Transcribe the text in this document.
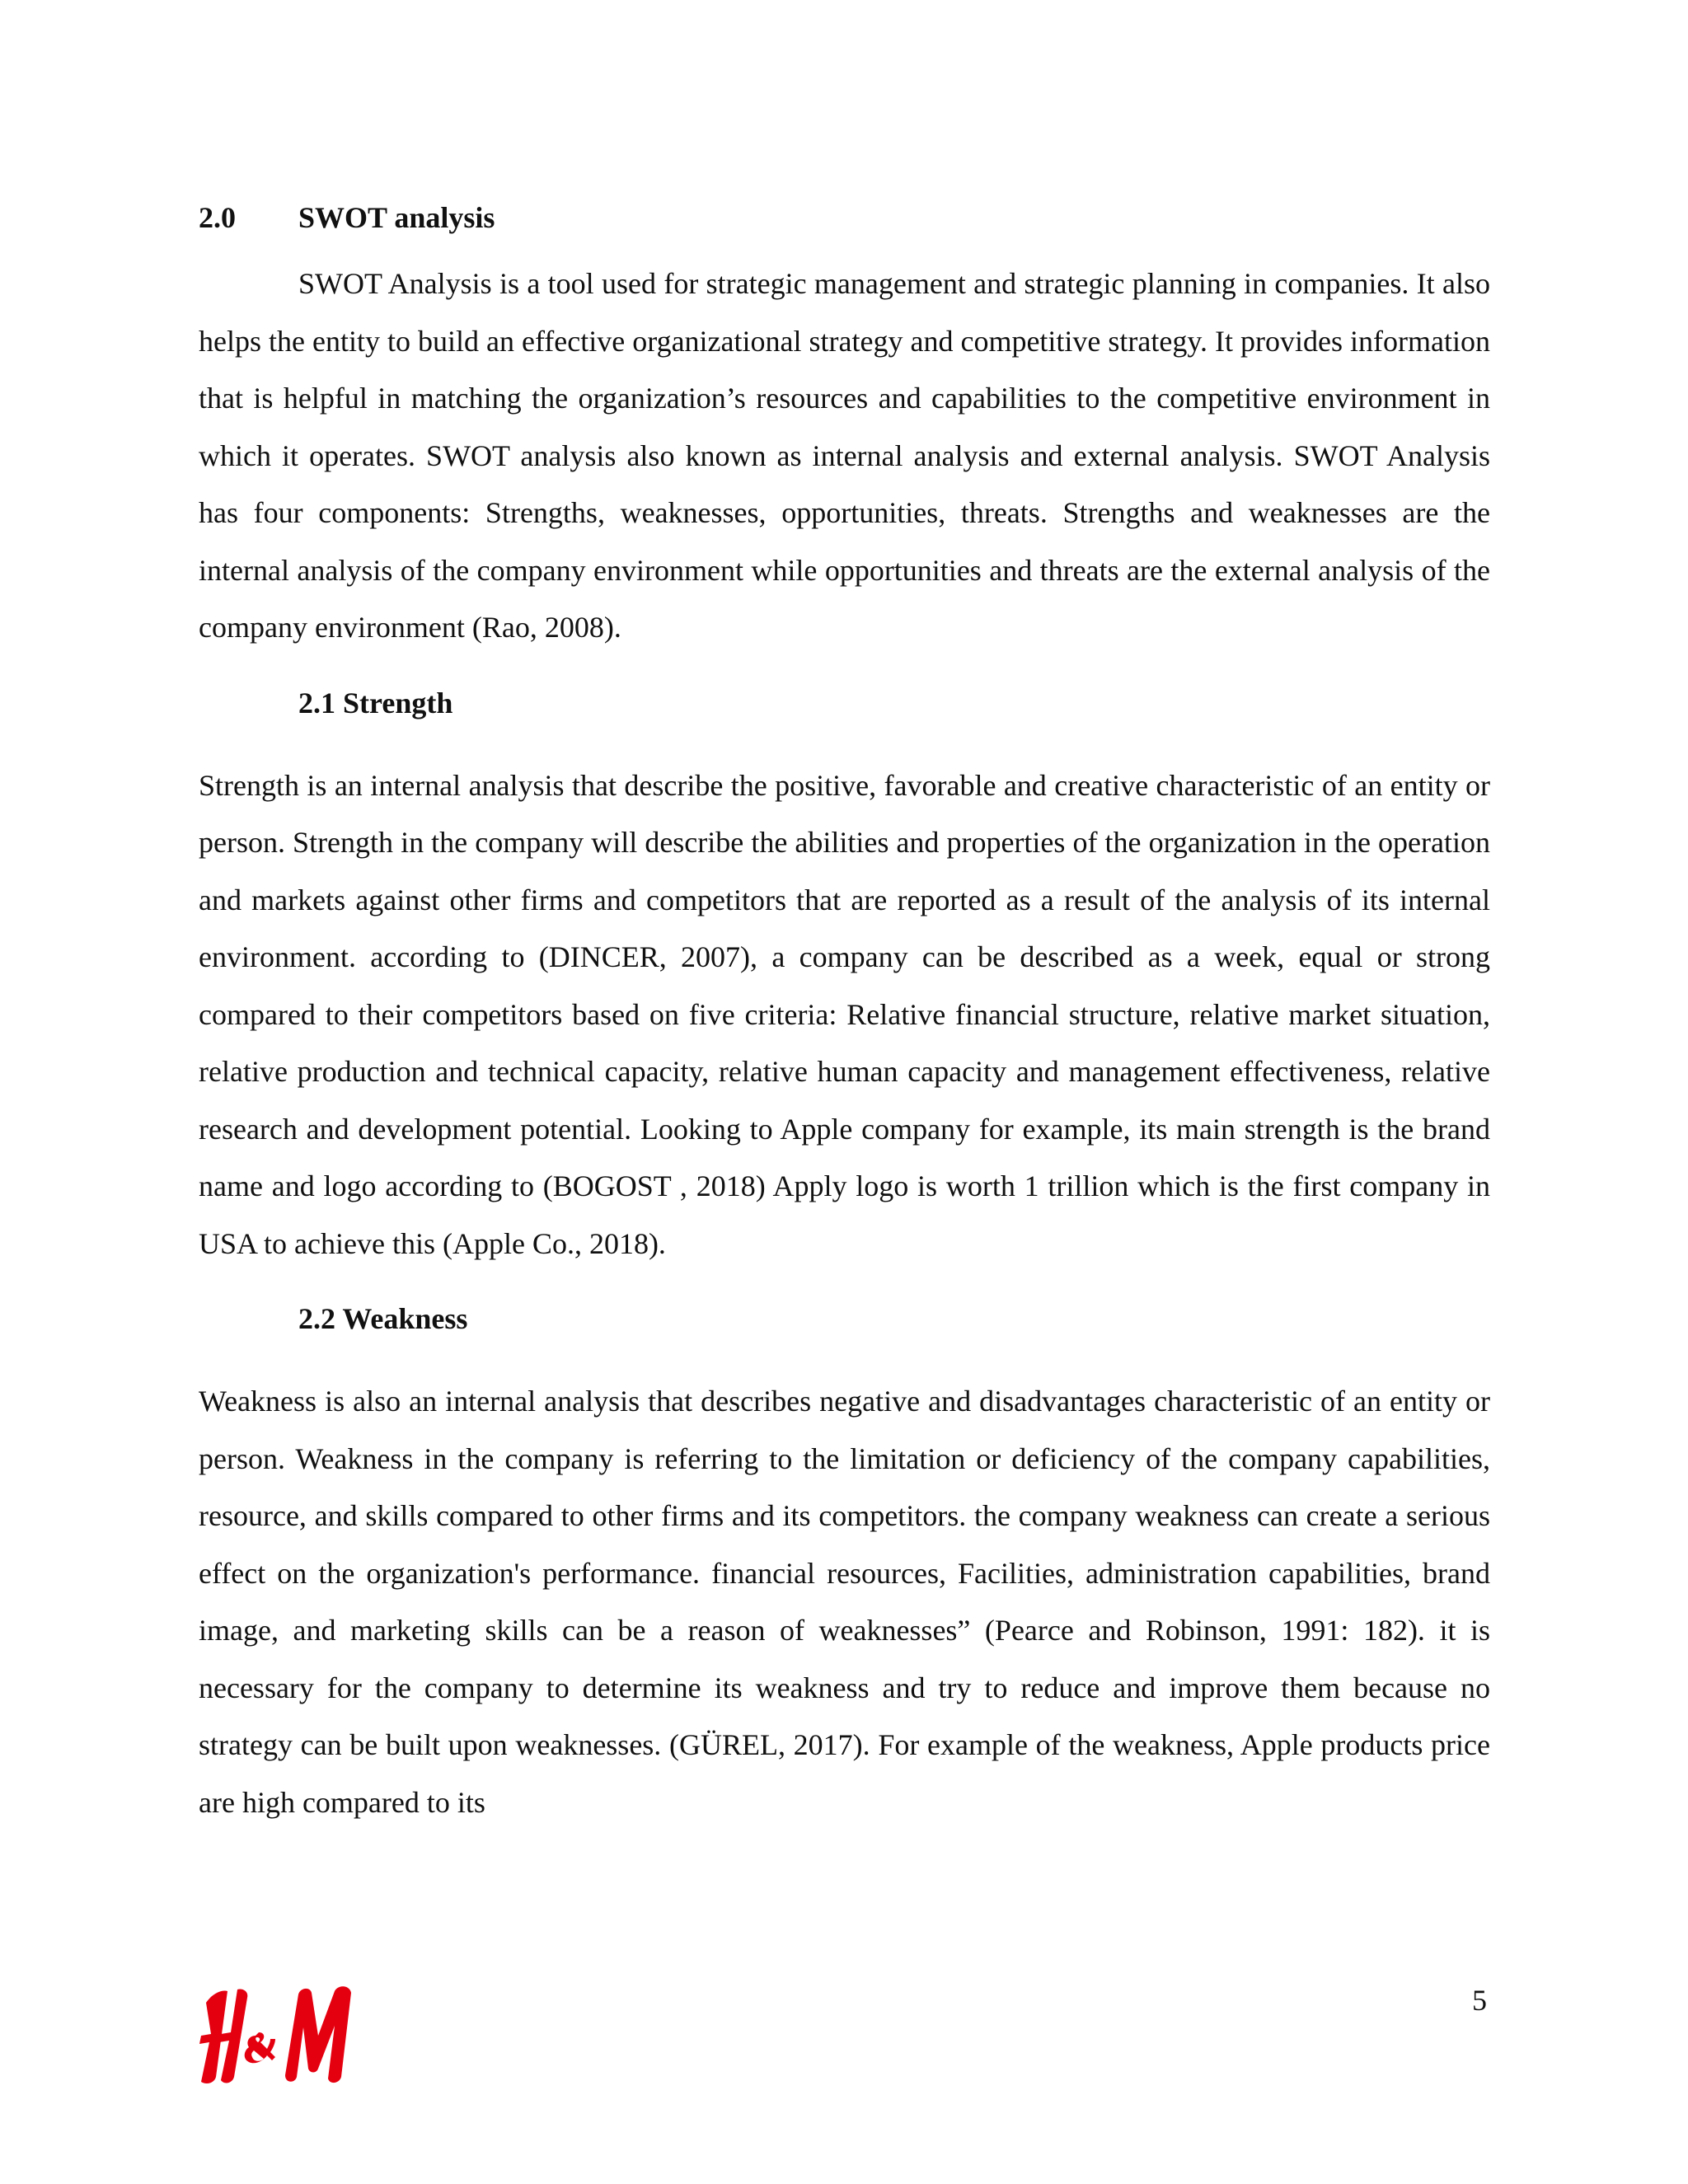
2.0	SWOT analysis

SWOT Analysis is a tool used for strategic management and strategic planning in companies. It also helps the entity to build an effective organizational strategy and competitive strategy. It provides information that is helpful in matching the organization’s resources and capabilities to the competitive environment in which it operates. SWOT analysis also known as internal analysis and external analysis. SWOT Analysis has four components: Strengths, weaknesses, opportunities, threats. Strengths and weaknesses are the internal analysis of the company environment while opportunities and threats are the external analysis of the company environment (Rao, 2008).

2.1 Strength

Strength is an internal analysis that describe the positive, favorable and creative characteristic of an entity or person. Strength in the company will describe the abilities and properties of the organization in the operation and markets against other firms and competitors that are reported as a result of the analysis of its internal environment. according to (DINCER, 2007), a company can be described as a week, equal or strong compared to their competitors based on five criteria: Relative financial structure, relative market situation, relative production and technical capacity, relative human capacity and management effectiveness, relative research and development potential. Looking to Apple company for example, its main strength is the brand name and logo according to (BOGOST , 2018) Apply logo is worth 1 trillion which is the first company in USA to achieve this (Apple Co., 2018).

2.2 Weakness

Weakness is also an internal analysis that describes negative and disadvantages characteristic of an entity or person. Weakness in the company is referring to the limitation or deficiency of the company capabilities, resource, and skills compared to other firms and its competitors. the company weakness can create a serious effect on the organization's performance. financial resources, Facilities, administration capabilities, brand image, and marketing skills can be a reason of weaknesses” (Pearce and Robinson, 1991: 182). it is necessary for the company to determine its weakness and try to reduce and improve them because no strategy can be built upon weaknesses. (GÜREL, 2017). For example of the weakness, Apple products price are high compared to its

5
